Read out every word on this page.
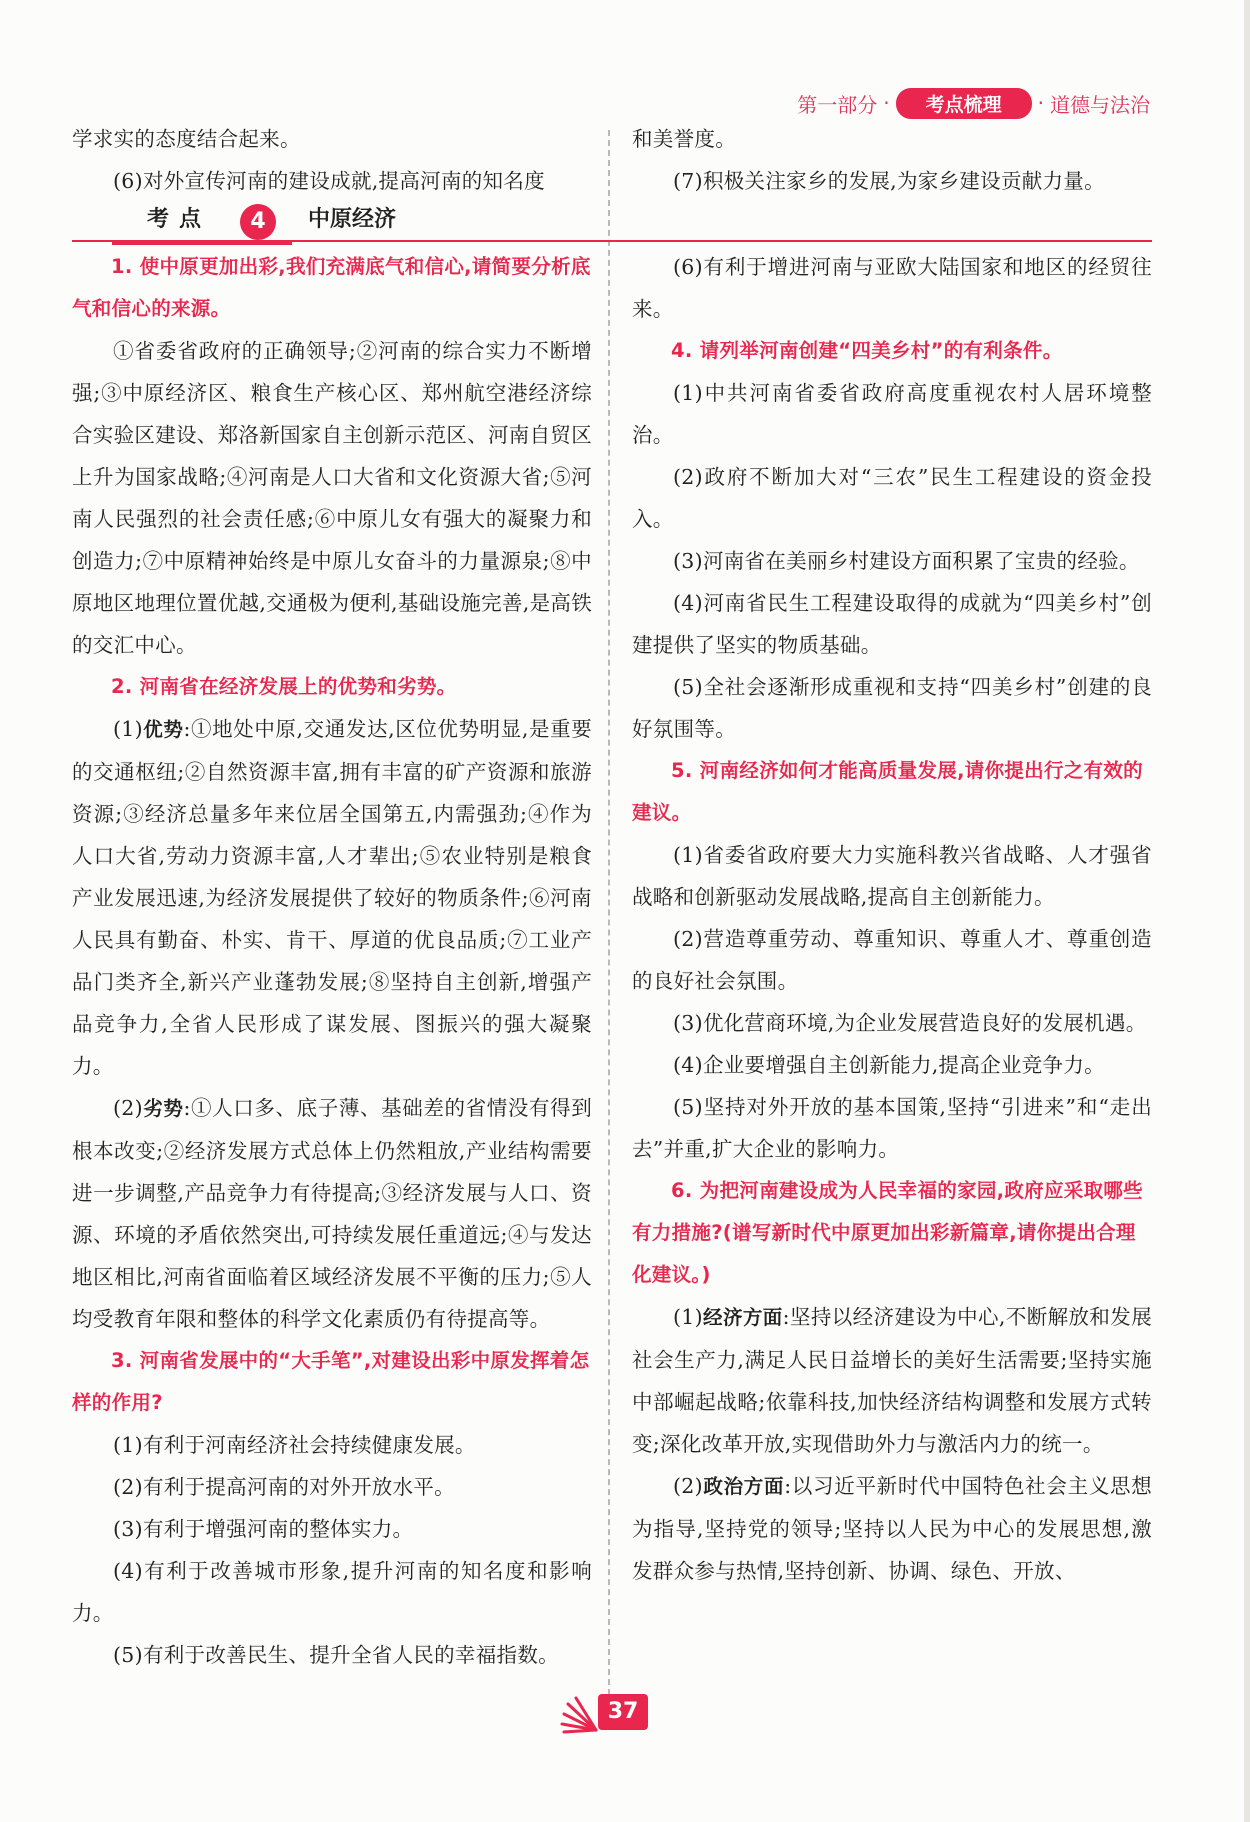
第一部分 ·	考点梳理	· 道德与法治
考点	4	中原经济

学求实的态度结合起来。

(6)对外宣传河南的建设成就,提高河南的知名度

1. 使中原更加出彩,我们充满底气和信心,请简要分析底气和信心的来源。

①省委省政府的正确领导;②河南的综合实力不断增强;③中原经济区、粮食生产核心区、郑州航空港经济综合实验区建设、郑洛新国家自主创新示范区、河南自贸区上升为国家战略;④河南是人口大省和文化资源大省;⑤河南人民强烈的社会责任感;⑥中原儿女有强大的凝聚力和创造力;⑦中原精神始终是中原儿女奋斗的力量源泉;⑧中原地区地理位置优越,交通极为便利,基础设施完善,是高铁的交汇中心。

2. 河南省在经济发展上的优势和劣势。

(1)优势:①地处中原,交通发达,区位优势明显,是重要的交通枢纽;②自然资源丰富,拥有丰富的矿产资源和旅游资源;③经济总量多年来位居全国第五,内需强劲;④作为人口大省,劳动力资源丰富,人才辈出;⑤农业特别是粮食产业发展迅速,为经济发展提供了较好的物质条件;⑥河南人民具有勤奋、朴实、肯干、厚道的优良品质;⑦工业产品门类齐全,新兴产业蓬勃发展;⑧坚持自主创新,增强产品竞争力,全省人民形成了谋发展、图振兴的强大凝聚力。

(2)劣势:①人口多、底子薄、基础差的省情没有得到根本改变;②经济发展方式总体上仍然粗放,产业结构需要进一步调整,产品竞争力有待提高;③经济发展与人口、资源、环境的矛盾依然突出,可持续发展任重道远;④与发达地区相比,河南省面临着区域经济发展不平衡的压力;⑤人均受教育年限和整体的科学文化素质仍有待提高等。

3. 河南省发展中的“大手笔”,对建设出彩中原发挥着怎样的作用?

(1)有利于河南经济社会持续健康发展。

(2)有利于提高河南的对外开放水平。

(3)有利于增强河南的整体实力。

(4)有利于改善城市形象,提升河南的知名度和影响力。

(5)有利于改善民生、提升全省人民的幸福指数。

和美誉度。

(7)积极关注家乡的发展,为家乡建设贡献力量。

(6)有利于增进河南与亚欧大陆国家和地区的经贸往来。

4. 请列举河南创建“四美乡村”的有利条件。

(1)中共河南省委省政府高度重视农村人居环境整治。

(2)政府不断加大对“三农”民生工程建设的资金投入。

(3)河南省在美丽乡村建设方面积累了宝贵的经验。

(4)河南省民生工程建设取得的成就为“四美乡村”创建提供了坚实的物质基础。

(5)全社会逐渐形成重视和支持“四美乡村”创建的良好氛围等。

5. 河南经济如何才能高质量发展,请你提出行之有效的建议。

(1)省委省政府要大力实施科教兴省战略、人才强省战略和创新驱动发展战略,提高自主创新能力。

(2)营造尊重劳动、尊重知识、尊重人才、尊重创造的良好社会氛围。

(3)优化营商环境,为企业发展营造良好的发展机遇。

(4)企业要增强自主创新能力,提高企业竞争力。

(5)坚持对外开放的基本国策,坚持“引进来”和“走出去”并重,扩大企业的影响力。

6. 为把河南建设成为人民幸福的家园,政府应采取哪些有力措施?(谱写新时代中原更加出彩新篇章,请你提出合理化建议。)

(1)经济方面:坚持以经济建设为中心,不断解放和发展社会生产力,满足人民日益增长的美好生活需要;坚持实施中部崛起战略;依靠科技,加快经济结构调整和发展方式转变;深化改革开放,实现借助外力与激活内力的统一。

(2)政治方面:以习近平新时代中国特色社会主义思想为指导,坚持党的领导;坚持以人民为中心的发展思想,激发群众参与热情,坚持创新、协调、绿色、开放、

37
